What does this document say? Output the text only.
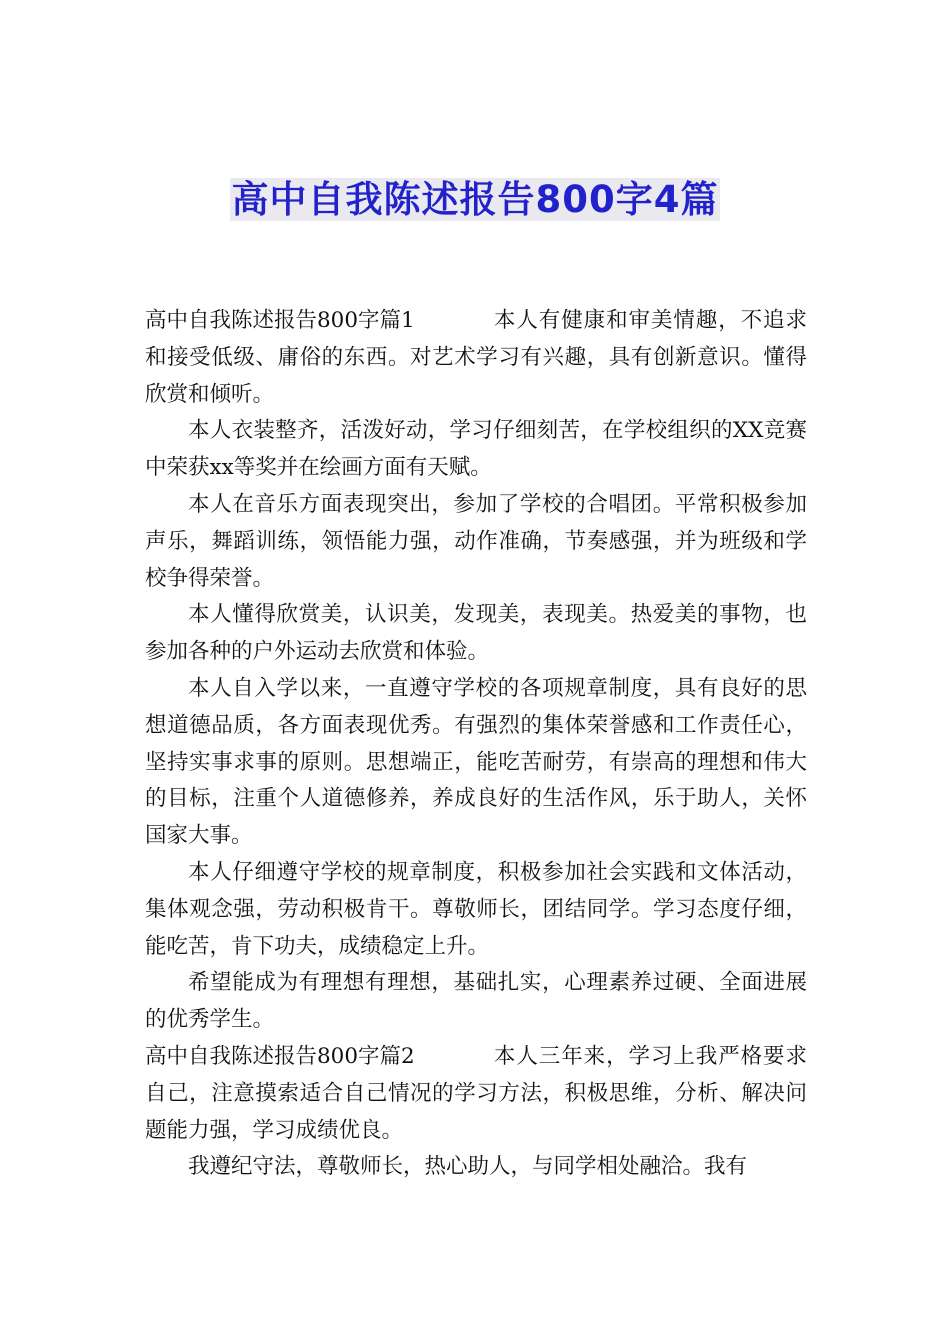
高中自我陈述报告800字4篇

高中自我陈述报告800字篇1	本人有健康和审美情趣，不追求和接受低级、庸俗的东西。对艺术学习有兴趣，具有创新意识。懂得欣赏和倾听。

本人衣装整齐，活泼好动，学习仔细刻苦，在学校组织的XX竞赛中荣获xx等奖并在绘画方面有天赋。

本人在音乐方面表现突出，参加了学校的合唱团。平常积极参加声乐，舞蹈训练，领悟能力强，动作准确，节奏感强，并为班级和学校争得荣誉。

本人懂得欣赏美，认识美，发现美，表现美。热爱美的事物，也参加各种的户外运动去欣赏和体验。

本人自入学以来，一直遵守学校的各项规章制度，具有良好的思想道德品质，各方面表现优秀。有强烈的集体荣誉感和工作责任心，坚持实事求事的原则。思想端正，能吃苦耐劳，有崇高的理想和伟大的目标，注重个人道德修养，养成良好的生活作风，乐于助人，关怀国家大事。

本人仔细遵守学校的规章制度，积极参加社会实践和文体活动，集体观念强，劳动积极肯干。尊敬师长，团结同学。学习态度仔细，能吃苦，肯下功夫，成绩稳定上升。

希望能成为有理想有理想，基础扎实，心理素养过硬、全面进展的优秀学生。

高中自我陈述报告800字篇2	本人三年来，学习上我严格要求自己，注意摸索适合自己情况的学习方法，积极思维，分析、解决问题能力强，学习成绩优良。

我遵纪守法，尊敬师长，热心助人，与同学相处融洽。我有
